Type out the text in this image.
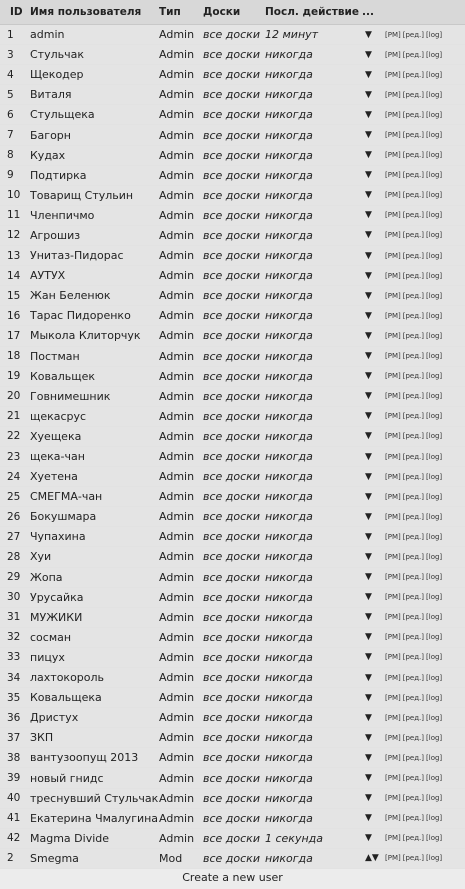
ID	Имя пользователя	Тип	Доски	Посл. действие	...	
1	admin	Admin	все доски	12 минут	▼	[PM] [ред.] [log]
3	Стульчак	Admin	все доски	никогда	▼	[PM] [ред.] [log]
4	Щекодер	Admin	все доски	никогда	▼	[PM] [ред.] [log]
5	Виталя	Admin	все доски	никогда	▼	[PM] [ред.] [log]
6	Стульщека	Admin	все доски	никогда	▼	[PM] [ред.] [log]
7	Багорн	Admin	все доски	никогда	▼	[PM] [ред.] [log]
8	Кудах	Admin	все доски	никогда	▼	[PM] [ред.] [log]
9	Подтирка	Admin	все доски	никогда	▼	[PM] [ред.] [log]
10	Товарищ Стульин	Admin	все доски	никогда	▼	[PM] [ред.] [log]
11	Членпичмо	Admin	все доски	никогда	▼	[PM] [ред.] [log]
12	Агрошиз	Admin	все доски	никогда	▼	[PM] [ред.] [log]
13	Унитаз-Пидорас	Admin	все доски	никогда	▼	[PM] [ред.] [log]
14	АУТУХ	Admin	все доски	никогда	▼	[PM] [ред.] [log]
15	Жан Беленюк	Admin	все доски	никогда	▼	[PM] [ред.] [log]
16	Тарас Пидоренко	Admin	все доски	никогда	▼	[PM] [ред.] [log]
17	Мыкола Клиторчук	Admin	все доски	никогда	▼	[PM] [ред.] [log]
18	Постман	Admin	все доски	никогда	▼	[PM] [ред.] [log]
19	Ковальщек	Admin	все доски	никогда	▼	[PM] [ред.] [log]
20	Говнимешник	Admin	все доски	никогда	▼	[PM] [ред.] [log]
21	щекасрус	Admin	все доски	никогда	▼	[PM] [ред.] [log]
22	Хуещека	Admin	все доски	никогда	▼	[PM] [ред.] [log]
23	щека-чан	Admin	все доски	никогда	▼	[PM] [ред.] [log]
24	Хуетена	Admin	все доски	никогда	▼	[PM] [ред.] [log]
25	СМЕГМА-чан	Admin	все доски	никогда	▼	[PM] [ред.] [log]
26	Бокушмара	Admin	все доски	никогда	▼	[PM] [ред.] [log]
27	Чупахина	Admin	все доски	никогда	▼	[PM] [ред.] [log]
28	Хуи	Admin	все доски	никогда	▼	[PM] [ред.] [log]
29	Жопа	Admin	все доски	никогда	▼	[PM] [ред.] [log]
30	Урусайка	Admin	все доски	никогда	▼	[PM] [ред.] [log]
31	МУЖИКИ	Admin	все доски	никогда	▼	[PM] [ред.] [log]
32	сосман	Admin	все доски	никогда	▼	[PM] [ред.] [log]
33	пицух	Admin	все доски	никогда	▼	[PM] [ред.] [log]
34	лахтокороль	Admin	все доски	никогда	▼	[PM] [ред.] [log]
35	Ковальщека	Admin	все доски	никогда	▼	[PM] [ред.] [log]
36	Дристух	Admin	все доски	никогда	▼	[PM] [ред.] [log]
37	ЗКП	Admin	все доски	никогда	▼	[PM] [ред.] [log]
38	вантузоопущ 2013	Admin	все доски	никогда	▼	[PM] [ред.] [log]
39	новый гнидс	Admin	все доски	никогда	▼	[PM] [ред.] [log]
40	треснувший Стульчак	Admin	все доски	никогда	▼	[PM] [ред.] [log]
41	Екатерина Чмалугина	Admin	все доски	никогда	▼	[PM] [ред.] [log]
42	Magma Divide	Admin	все доски	1 секунда	▼	[PM] [ред.] [log]
2	Smegma	Mod	все доски	никогда	▲▼	[PM] [ред.] [log]
Create a new user
